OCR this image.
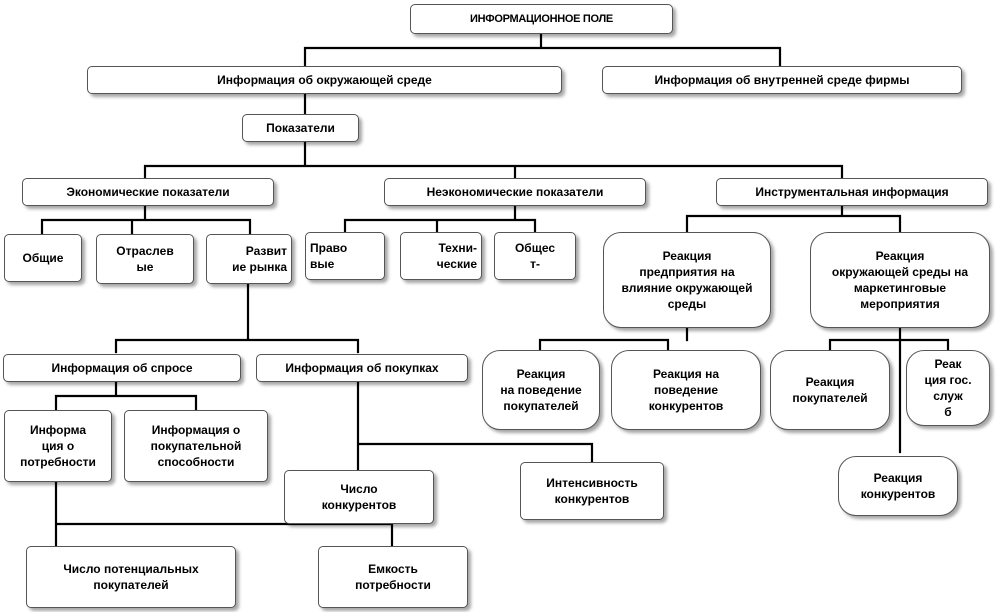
ИНФОРМАЦИОННОЕ ПОЛЕ
Информация об окружающей среде	Информация об внутренней среде фирмы
Показатели
Экономические показатели	Неэкономические показатели	Инструментальная информация
Общие	Отраслев
ые
Развит
ие рынка
Право
вые
Техни-
ческие
Общес
т-
Реакция
предприятия на
влияние окружающей
среды
Реакция
окружающей среды на
маркетинговые
мероприятия
Реакция
на поведение
покупателей
Реакция на
поведение
конкурентов
Реакция
покупателей
Реак
ция гос.
служ
б
Реакция
конкурентов
Информация об спросе	Информация об покупках
Информа
ция о
потребности
Информация о
покупательной
способности
Число
конкурентов
Интенсивность
конкурентов
Число потенциальных
покупателей
Емкость
потребности
